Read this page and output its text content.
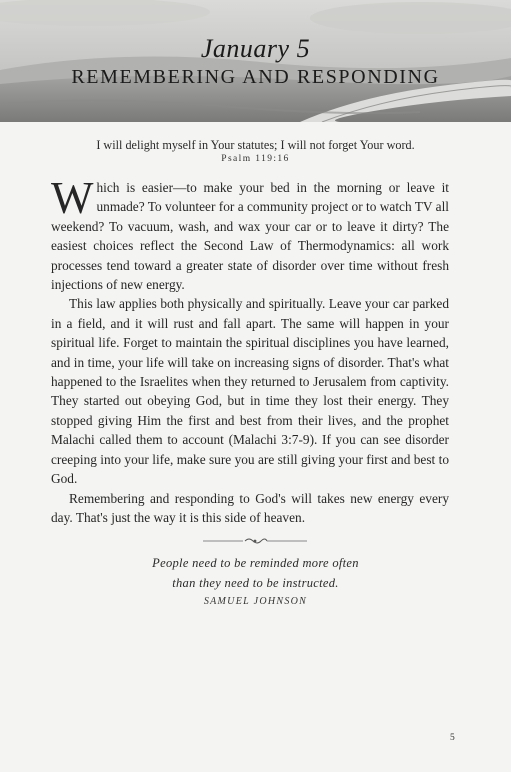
January 5
REMEMBERING AND RESPONDING
I will delight myself in Your statutes; I will not forget Your word.
Psalm 119:16

Which is easier—to make your bed in the morning or leave it unmade? To volunteer for a community project or to watch TV all weekend? To vacuum, wash, and wax your car or to leave it dirty? The easiest choices reflect the Second Law of Thermodynamics: all work processes tend toward a greater state of disorder over time without fresh injections of new energy.

This law applies both physically and spiritually. Leave your car parked in a field, and it will rust and fall apart. The same will happen in your spiritual life. Forget to maintain the spiritual disciplines you have learned, and in time, your life will take on increasing signs of disorder. That's what happened to the Israelites when they returned to Jerusalem from captivity. They started out obeying God, but in time they lost their energy. They stopped giving Him the first and best from their lives, and the prophet Malachi called them to account (Malachi 3:7-9). If you can see disorder creeping into your life, make sure you are still giving your first and best to God.

Remembering and responding to God's will takes new energy every day. That's just the way it is this side of heaven.

People need to be reminded more often
than they need to be instructed.
SAMUEL JOHNSON
5
